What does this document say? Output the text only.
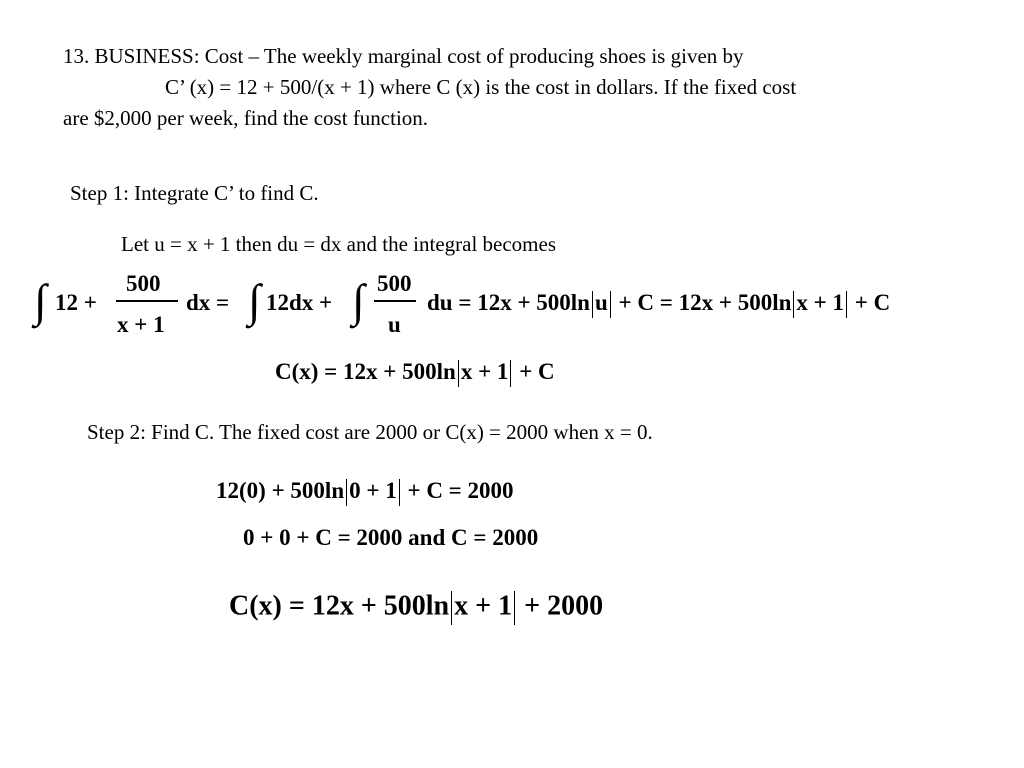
13. BUSINESS: Cost – The weekly marginal cost of producing shoes is given by
C’ (x) = 12 + 500/(x + 1) where C (x) is the cost in dollars. If the fixed cost
are $2,000 per week, find the cost function.
Step 1: Integrate C’ to find C.
Let u = x + 1 then du = dx and the integral becomes
∫ 12 +
500
x + 1
dx = ∫ 12dx + ∫ 500
u
du = 12x + 500ln u + C = 12x + 500ln x + 1 + C
C(x) = 12x + 500ln x + 1 + C
Step 2: Find C. The fixed cost are 2000 or C(x) = 2000 when x = 0.
12(0) + 500ln 0 + 1 + C = 2000
0 + 0 + C = 2000 and C = 2000
C(x) = 12x + 500ln x + 1 + 2000
